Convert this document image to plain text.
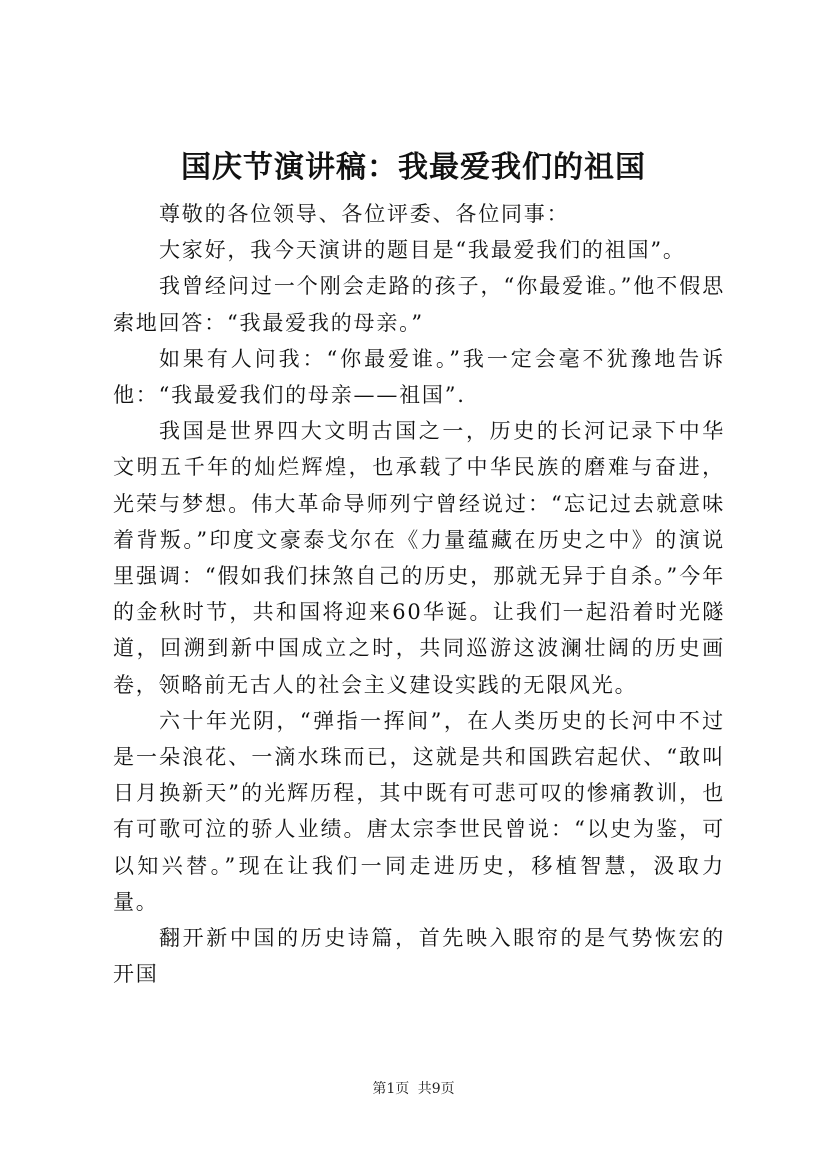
国庆节演讲稿：我最爱我们的祖国

尊敬的各位领导、各位评委、各位同事：

大家好，我今天演讲的题目是“我最爱我们的祖国”。

我曾经问过一个刚会走路的孩子，“你最爱谁。”他不假思索地回答：“我最爱我的母亲。”

如果有人问我：“你最爱谁。”我一定会毫不犹豫地告诉他：“我最爱我们的母亲——祖国”.

我国是世界四大文明古国之一，历史的长河记录下中华文明五千年的灿烂辉煌，也承载了中华民族的磨难与奋进，光荣与梦想。伟大革命导师列宁曾经说过：“忘记过去就意味着背叛。”印度文豪泰戈尔在《力量蕴藏在历史之中》的演说里强调：“假如我们抹煞自己的历史，那就无异于自杀。”今年的金秋时节，共和国将迎来60华诞。让我们一起沿着时光隧道，回溯到新中国成立之时，共同巡游这波澜壮阔的历史画卷，领略前无古人的社会主义建设实践的无限风光。

六十年光阴，“弹指一挥间”，在人类历史的长河中不过是一朵浪花、一滴水珠而已，这就是共和国跌宕起伏、“敢叫日月换新天”的光辉历程，其中既有可悲可叹的惨痛教训，也有可歌可泣的骄人业绩。唐太宗李世民曾说：“以史为鉴，可以知兴替。”现在让我们一同走进历史，移植智慧，汲取力量。

翻开新中国的历史诗篇，首先映入眼帘的是气势恢宏的开国

第1页 共9页
